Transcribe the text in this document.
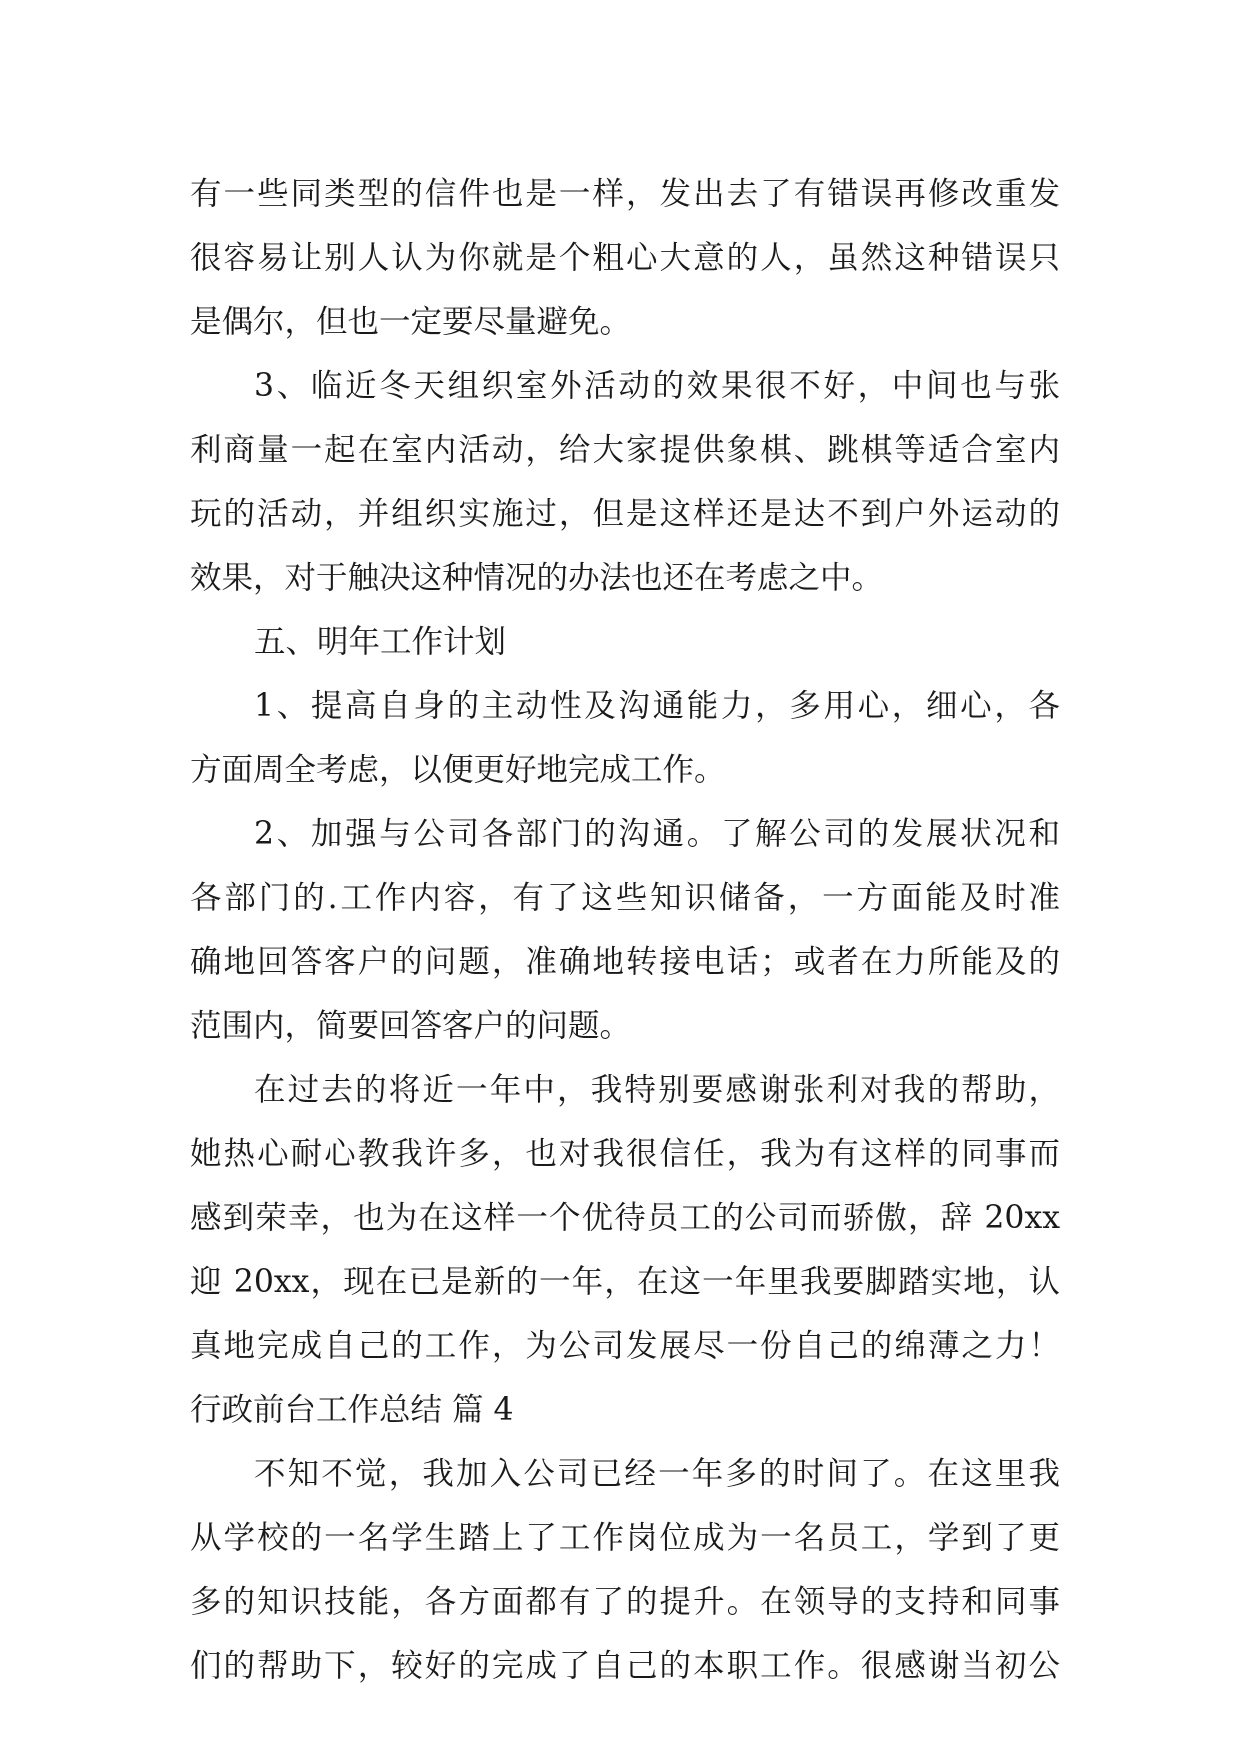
有一些同类型的信件也是一样，发出去了有错误再修改重发
很容易让别人认为你就是个粗心大意的人，虽然这种错误只
是偶尔，但也一定要尽量避免。
3、临近冬天组织室外活动的效果很不好，中间也与张
利商量一起在室内活动，给大家提供象棋、跳棋等适合室内
玩的活动，并组织实施过，但是这样还是达不到户外运动的
效果，对于触决这种情况的办法也还在考虑之中。
五、明年工作计划
1、提高自身的主动性及沟通能力，多用心，细心，各
方面周全考虑，以便更好地完成工作。
2、加强与公司各部门的沟通。了解公司的发展状况和
各部门的.工作内容，有了这些知识储备，一方面能及时准
确地回答客户的问题，准确地转接电话；或者在力所能及的
范围内，简要回答客户的问题。
在过去的将近一年中，我特别要感谢张利对我的帮助，
她热心耐心教我许多，也对我很信任，我为有这样的同事而
感到荣幸，也为在这样一个优待员工的公司而骄傲，辞 20xx
迎 20xx，现在已是新的一年，在这一年里我要脚踏实地，认
真地完成自己的工作，为公司发展尽一份自己的绵薄之力！
行政前台工作总结 篇 4
不知不觉，我加入公司已经一年多的时间了。在这里我
从学校的一名学生踏上了工作岗位成为一名员工，学到了更
多的知识技能，各方面都有了的提升。在领导的支持和同事
们的帮助下，较好的完成了自己的本职工作。很感谢当初公
